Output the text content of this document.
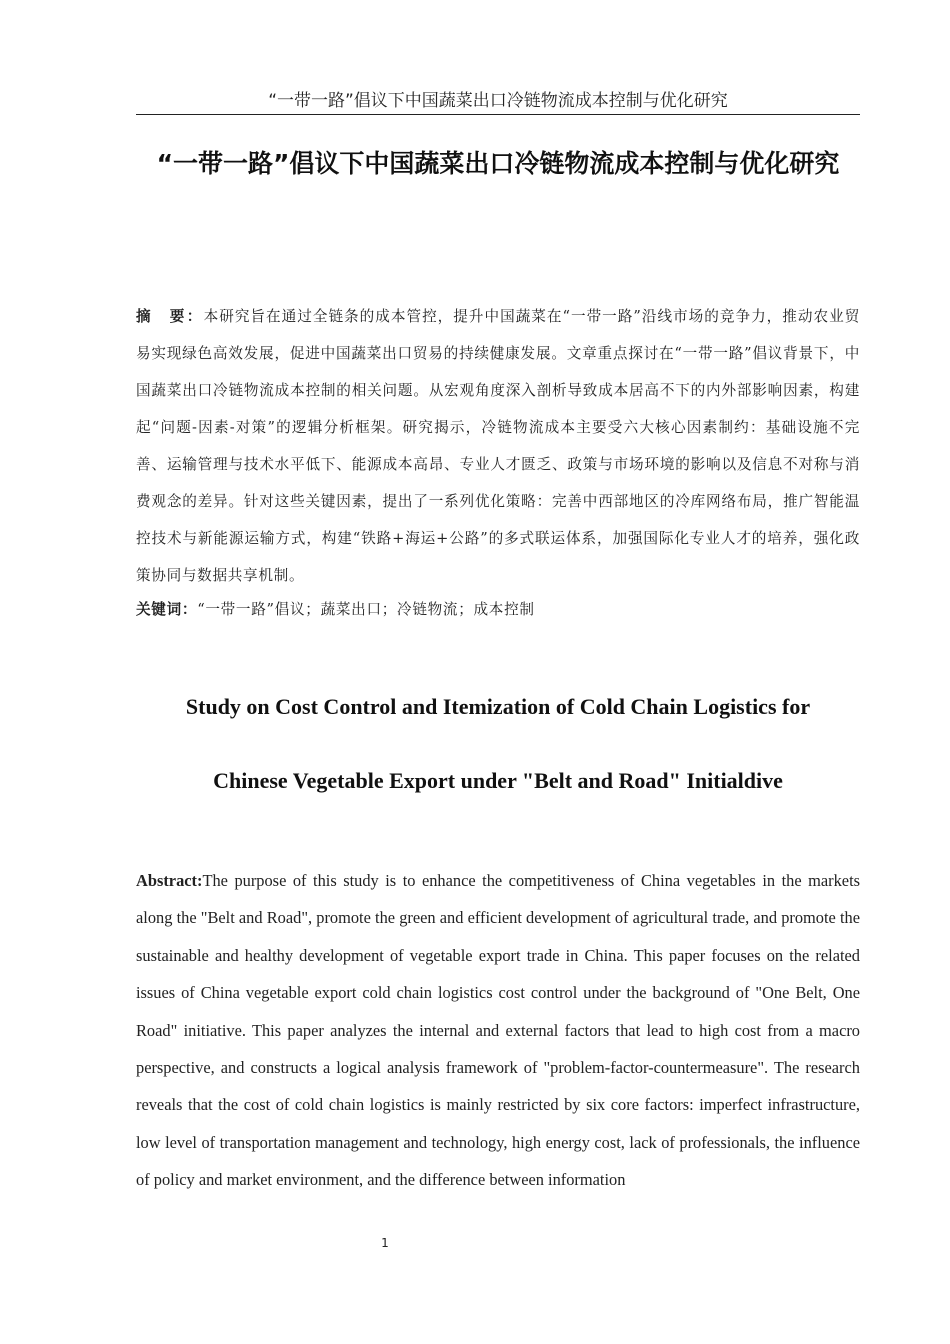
“一带一路”倡议下中国蔬菜出口冷链物流成本控制与优化研究
“一带一路”倡议下中国蔬菜出口冷链物流成本控制与优化研究
摘　要：本研究旨在通过全链条的成本管控，提升中国蔬菜在“一带一路”沿线市场的竞争力，推动农业贸易实现绿色高效发展，促进中国蔬菜出口贸易的持续健康发展。文章重点探讨在“一带一路”倡议背景下，中国蔬菜出口冷链物流成本控制的相关问题。从宏观角度深入剖析导致成本居高不下的内外部影响因素，构建起“问题-因素-对策”的逻辑分析框架。研究揭示，冷链物流成本主要受六大核心因素制约：基础设施不完善、运输管理与技术水平低下、能源成本高昂、专业人才匮乏、政策与市场环境的影响以及信息不对称与消费观念的差异。针对这些关键因素，提出了一系列优化策略：完善中西部地区的冷库网络布局，推广智能温控技术与新能源运输方式，构建“铁路+海运+公路”的多式联运体系，加强国际化专业人才的培养，强化政策协同与数据共享机制。
关键词：“一带一路”倡议；蔬菜出口；冷链物流；成本控制
Study on Cost Control and Itemization of Cold Chain Logistics for
Chinese Vegetable Export under "Belt and Road" Initialdive
Abstract:The purpose of this study is to enhance the competitiveness of China vegetables in the markets along the "Belt and Road", promote the green and efficient development of agricultural trade, and promote the sustainable and healthy development of vegetable export trade in China. This paper focuses on the related issues of China vegetable export cold chain logistics cost control under the background of "One Belt, One Road" initiative. This paper analyzes the internal and external factors that lead to high cost from a macro perspective, and constructs a logical analysis framework of "problem-factor-countermeasure". The research reveals that the cost of cold chain logistics is mainly restricted by six core factors: imperfect infrastructure, low level of transportation management and technology, high energy cost, lack of professionals, the influence of policy and market environment, and the difference between information
1
